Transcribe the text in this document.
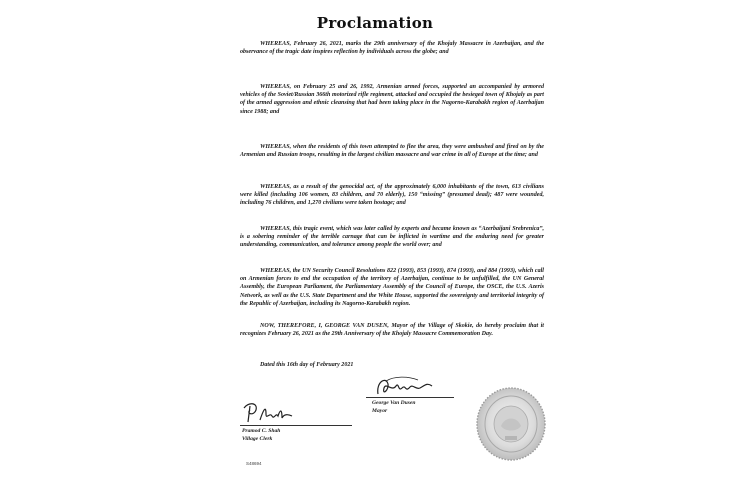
Proclamation
WHEREAS, February 26, 2021, marks the 29th anniversary of the Khojaly Massacre in Azerbaijan, and the observance of the tragic date inspires reflection by individuals across the globe; and
WHEREAS, on February 25 and 26, 1992, Armenian armed forces, supported an accompanied by armored vehicles of the Soviet/Russian 366th motorized rifle regiment, attacked and occupied the besieged town of Khojaly as part of the armed aggression and ethnic cleansing that had been taking place in the Nagorno-Karabakh region of Azerbaijan since 1988; and
WHEREAS, when the residents of this town attempted to flee the area, they were ambushed and fired on by the Armenian and Russian troops, resulting in the largest civilian massacre and war crime in all of Europe at the time; and
WHEREAS, as a result of the genocidal act, of the approximately 6,000 inhabitants of the town, 613 civilians were killed (including 106 women, 83 children, and 70 elderly), 150 “missing” (presumed dead); 487 were wounded, including 76 children, and 1,270 civilians were taken hostage; and
WHEREAS, this tragic event, which was later called by experts and became known as “Azerbaijani Srebrenica”, is a sobering reminder of the terrible carnage that can be inflicted in wartime and the enduring need for greater understanding, communication, and tolerance among people the world over; and
WHEREAS, the UN Security Council Resolutions 822 (1993), 853 (1993), 874 (1993), and 884 (1993), which call on Armenian forces to end the occupation of the territory of Azerbaijan, continue to be unfulfilled, the UN General Assembly, the European Parliament, the Parliamentary Assembly of the Council of Europe, the OSCE, the U.S. Azeris Network, as well as the U.S. State Department and the White House, supported the sovereignty and territorial integrity of the Republic of Azerbaijan, including its Nagorno-Karabakh region.
NOW, THEREFORE, I, GEORGE VAN DUSEN, Mayor of the Village of Skokie, do hereby proclaim that it recognizes February 26, 2021 as the 29th Anniversary of the Khojaly Massacre Commemoration Day.
Dated this 16th day of February 2021
George Van Dusen
Mayor
Pramod C. Shah
Village Clerk
S48694
